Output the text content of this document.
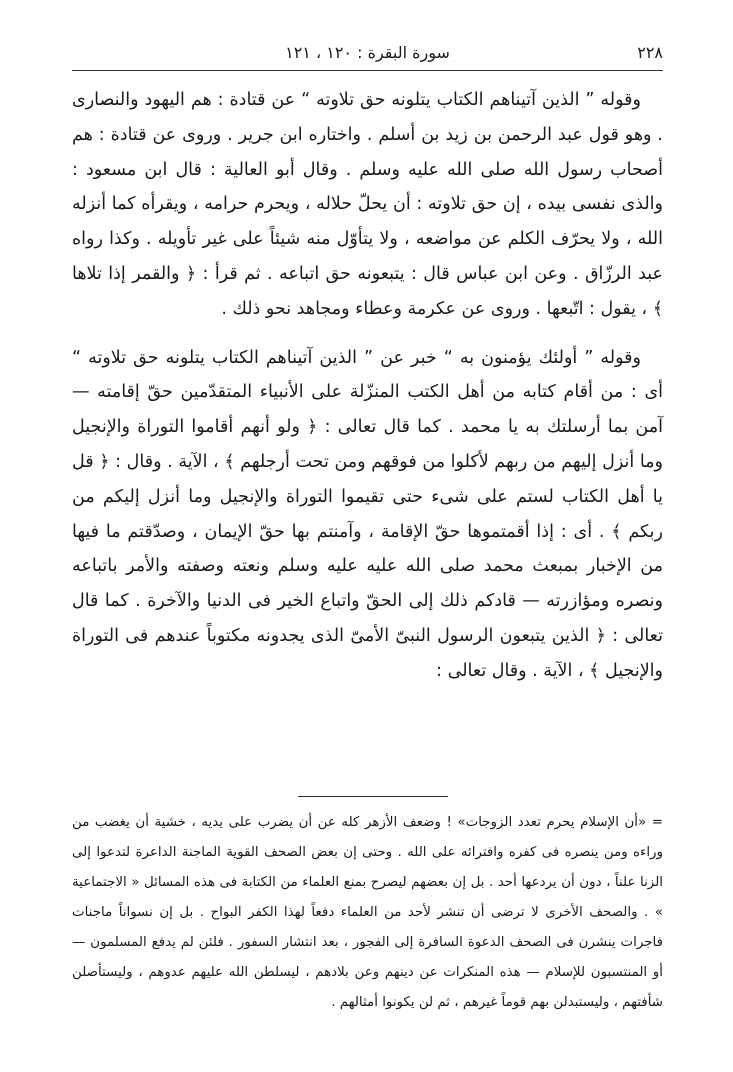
٢٢٨
سورة البقرة : ١٢٠ ، ١٢١

وقوله ” الذين آتيناهم الكتاب يتلونه حق تلاوته “ عن قتادة : هم اليهود والنصارى . وهو قول عبد الرحمن بن زيد بن أسلم . واختاره ابن جرير . وروى عن قتادة : هم أصحاب رسول الله صلى الله عليه وسلم . وقال أبو العالية : قال ابن مسعود : والذى نفسى بيده ، إن حق تلاوته : أن يحلّ حلاله ، ويحرم حرامه ، ويقرأه كما أنزله الله ، ولا يحرّف الكلم عن مواضعه ، ولا يتأوّل منه شيئاً على غير تأويله . وكذا رواه عبد الرزّاق . وعن ابن عباس قال : يتبعونه حق اتباعه . ثم قرأ : ﴿ والقمر إذا تلاها ﴾ ، يقول : اتّبعها . وروى عن عكرمة وعطاء ومجاهد نحو ذلك .

وقوله ” أولئك يؤمنون به “ خبر عن ” الذين آتيناهم الكتاب يتلونه حق تلاوته “ أى : من أقام كتابه من أهل الكتب المنزّلة على الأنبياء المتقدّمين حقّ إقامته — آمن بما أرسلتك به يا محمد . كما قال تعالى : ﴿ ولو أنهم أقاموا التوراة والإنجيل وما أنزل إليهم من ربهم لأكلوا من فوقهم ومن تحت أرجلهم ﴾ ، الآية . وقال : ﴿ قل يا أهل الكتاب لستم على شىء حتى تقيموا التوراة والإنجيل وما أنزل إليكم من ربكم ﴾ . أى : إذا أقمتموها حقّ الإقامة ، وآمنتم بها حقّ الإيمان ، وصدّقتم ما فيها من الإخبار بمبعث محمد صلى الله عليه عليه وسلم ونعته وصفته والأمر باتباعه ونصره ومؤازرته — قادكم ذلك إلى الحقّ واتباع الخير فى الدنيا والآخرة . كما قال تعالى : ﴿ الذين يتبعون الرسول النبىّ الأمىّ الذى يجدونه مكتوباً عندهم فى التوراة والإنجيل ﴾ ، الآية . وقال تعالى :

= «أن الإسلام يحرم تعدد الزوجات» ! وضعف الأزهر كله عن أن يضرب على يديه ، خشية أن يغضب من وراءه ومن ينصره فى كفره وافترائه على الله . وحتى إن بعض الصحف القوية الماجنة الداعرة لتدعوا إلى الزنا علناً ، دون أن يردعها أحد . بل إن بعضهم ليصرح بمنع العلماء من الكتابة فى هذه المسائل « الاجتماعية » . والصحف الأخرى لا ترضى أن تنشر لأحد من العلماء دفعاً لهذا الكفر البواح . بل إن نسواناً ماجنات فاجرات ينشرن فى الصحف الدعوة السافرة إلى الفجور ، بعد انتشار السفور . فلئن لم يدفع المسلمون — أو المنتسبون للإسلام — هذه المنكرات عن دينهم وعن بلادهم ، ليسلطن الله عليهم عدوهم ، وليستأصلن شأفتهم ، وليستبدلن بهم قوماً غيرهم ، ثم لن يكونوا أمثالهم .
